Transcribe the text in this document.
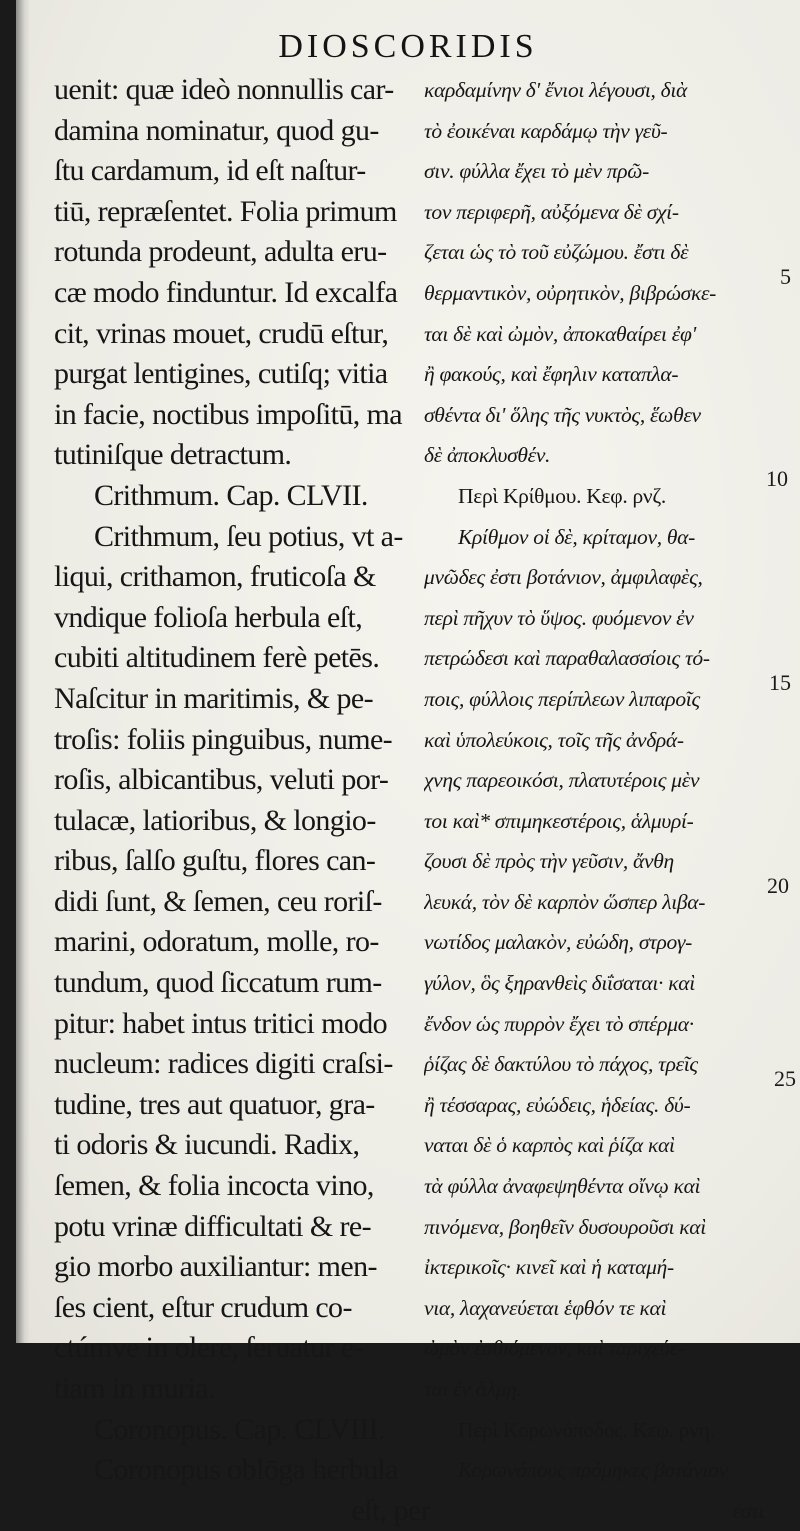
DIOSCORIDIS
uenit: quæ ideò nonnullis car-
damina nominatur, quod gu-
ſtu cardamum, id eſt naſtur-
tiū, repræſentet. Folia primum
rotunda prodeunt, adulta eru-
cæ modo finduntur. Id excalfa
cit, vrinas mouet, crudū eſtur,
purgat lentigines, cutiſq; vitia
in facie, noctibus impoſitū, ma
tutiniſque detractum.
Crithmum. Cap. CLVII.
Crithmum, ſeu potius, vt a-
liqui, crithamon, fruticoſa &
vndique folioſa herbula eſt,
cubiti altitudinem ferè petēs.
Naſcitur in maritimis, & pe-
troſis: foliis pinguibus, nume-
roſis, albicantibus, veluti por-
tulacæ, latioribus, & longio-
ribus, ſalſo guſtu, flores can-
didi ſunt, & ſemen, ceu roriſ-
marini, odoratum, molle, ro-
tundum, quod ſiccatum rum-
pitur: habet intus tritici modo
nucleum: radices digiti craſsi-
tudine, tres aut quatuor, gra-
ti odoris & iucundi. Radix,
ſemen, & folia incocta vino,
potu vrinæ difficultati & re-
gio morbo auxiliantur: men-
ſes cient, eſtur crudum co-
ctúmve in olere, ſeruatur e-
tiam in muria.
Coronopus. Cap. CLVIII.
Coronopus oblōga herbula
eſt, per
καρδαμίνην δ' ἔνιοι λέγουσι, διὰ
τὸ ἐοικέναι καρδάμῳ τὴν γεῦ-
σιν. φύλλα ἔχει τὸ μὲν πρῶ-
τον περιφερῆ, αὐξόμενα δὲ σχί-
ζεται ὡς τὸ τοῦ εὐζώμου. ἔστι δὲ
θερμαντικὸν, οὐρητικὸν, βιβρώσκε-
ται δὲ καὶ ὠμὸν, ἀποκαθαίρει ἐφ'
ἢ φακούς, καὶ ἔφηλιν καταπλα-
σθέντα δι' ὅλης τῆς νυκτὸς, ἕωθεν
δὲ ἀποκλυσθέν.
Περὶ Κρίθμου. Κεφ. ρνζ.
Κρίθμον οἱ δὲ, κρίταμον, θα-
μνῶδες ἐστι βοτάνιον, ἀμφιλαφὲς,
περὶ πῆχυν τὸ ὕψος. φυόμενον ἐν
πετρώδεσι καὶ παραθαλασσίοις τό-
ποις, φύλλοις περίπλεων λιπαροῖς
καὶ ὑπολεύκοις, τοῖς τῆς ἀνδρά-
χνης παρεοικόσι, πλατυτέροις μὲν
τοι καὶ* σπιμηκεστέροις, ἁλμυρί-
ζουσι δὲ πρὸς τὴν γεῦσιν, ἄνθη
λευκά, τὸν δὲ καρπὸν ὥσπερ λιβα-
νωτίδος μαλακὸν, εὐώδη, στρογ-
γύλον, ὃς ξηρανθεὶς διΐσαται· καὶ
ἔνδον ὡς πυρρὸν ἔχει τὸ σπέρμα·
ῥίζας δὲ δακτύλου τὸ πάχος, τρεῖς
ἢ τέσσαρας, εὐώδεις, ἡδείας. δύ-
ναται δὲ ὁ καρπὸς καὶ ῥίζα καὶ
τὰ φύλλα ἀναφεψηθέντα οἴνῳ καὶ
πινόμενα, βοηθεῖν δυσουροῦσι καὶ
ἰκτερικοῖς· κινεῖ καὶ ἡ καταμή-
νια, λαχανεύεται ἑφθόν τε καὶ
ὠμὸν ἐσθιόμενον, καὶ ταριχεύε-
ται ἐν ἅλμῃ.
Περὶ Κορωνόποδος. Κεφ. ρνη.
Κορωνόπους πρόμηκες βοτάνιον
ἐστι
5
10
15
20
25
